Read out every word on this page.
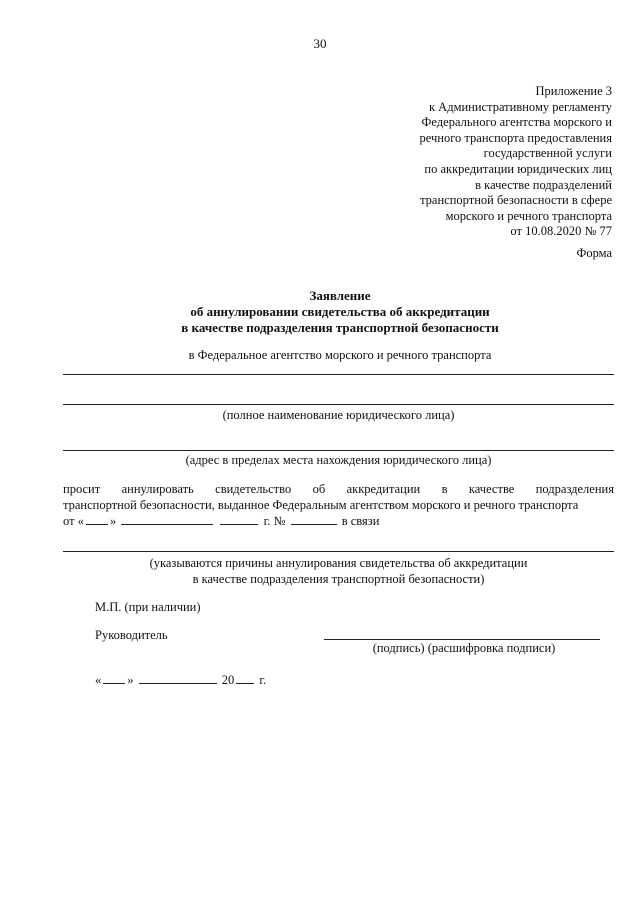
30
Приложение 3
к Административному регламенту
Федерального агентства морского и
речного транспорта предоставления
государственной услуги
по аккредитации юридических лиц
в качестве подразделений
транспортной безопасности в сфере
морского и речного транспорта
от 10.08.2020 № 77
Форма
Заявление
об аннулировании свидетельства об аккредитации
в качестве подразделения транспортной безопасности
в Федеральное агентство морского и речного транспорта
(полное наименование юридического лица)
(адрес в пределах места нахождения юридического лица)
просит аннулировать свидетельство об аккредитации в качестве подразделения
транспортной безопасности, выданное Федеральным агентством морского и речного транспорта
от « »	г. №	в связи
(указываются причины аннулирования свидетельства об аккредитации
в качестве подразделения транспортной безопасности)
М.П. (при наличии)
Руководитель
(подпись) (расшифровка подписи)
« »	20 г.
